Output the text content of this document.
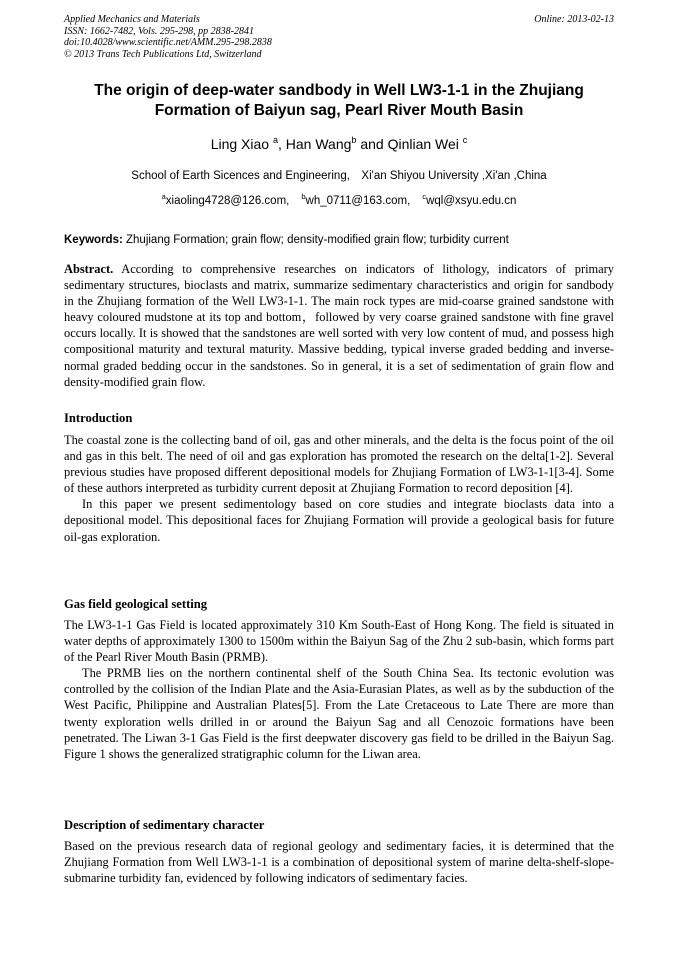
Applied Mechanics and Materials
ISSN: 1662-7482, Vols. 295-298, pp 2838-2841
doi:10.4028/www.scientific.net/AMM.295-298.2838
© 2013 Trans Tech Publications Ltd, Switzerland
Online: 2013-02-13
The origin of deep-water sandbody in Well LW3-1-1 in the Zhujiang
Formation of Baiyun sag, Pearl River Mouth Basin
Ling Xiao $^a$, Han Wang$^b$ and Qinlian Wei $^c$
School of Earth Sicences and Engineering,　Xi'an Shiyou University ,Xi'an ,China
$^a$xiaoling4728@126.com, $^b$wh_0711@163.com, $^c$wql@xsyu.edu.cn
Keywords: Zhujiang Formation; grain flow; density-modified grain flow; turbidity current

Abstract. According to comprehensive researches on indicators of lithology, indicators of primary sedimentary structures, bioclasts and matrix, summarize sedimentary characteristics and origin for sandbody in the Zhujiang formation of the Well LW3-1-1. The main rock types are mid-coarse grained sandstone with heavy coloured mudstone at its top and bottom，followed by very coarse grained sandstone with fine gravel occurs locally. It is showed that the sandstones are well sorted with very low content of mud, and possess high compositional maturity and textural maturity. Massive bedding, typical inverse graded bedding and inverse-normal graded bedding occur in the sandstones. So in general, it is a set of sedimentation of grain flow and density-modified grain flow.

Introduction

The coastal zone is the collecting band of oil, gas and other minerals, and the delta is the focus point of the oil and gas in this belt. The need of oil and gas exploration has promoted the research on the delta[1-2]. Several previous studies have proposed different depositional models for Zhujiang Formation of LW3-1-1[3-4]. Some of these authors interpreted as turbidity current deposit at Zhujiang Formation to record deposition [4].

In this paper we present sedimentology based on core studies and integrate bioclasts data into a depositional model. This depositional faces for Zhujiang Formation will provide a geological basis for future oil-gas exploration.

Gas field geological setting

The LW3-1-1 Gas Field is located approximately 310 Km South-East of Hong Kong. The field is situated in water depths of approximately 1300 to 1500m within the Baiyun Sag of the Zhu 2 sub-basin, which forms part of the Pearl River Mouth Basin (PRMB).

The PRMB lies on the northern continental shelf of the South China Sea. Its tectonic evolution was controlled by the collision of the Indian Plate and the Asia-Eurasian Plates, as well as by the subduction of the West Pacific, Philippine and Australian Plates[5]. From the Late Cretaceous to Late There are more than twenty exploration wells drilled in or around the Baiyun Sag and all Cenozoic formations have been penetrated. The Liwan 3-1 Gas Field is the first deepwater discovery gas field to be drilled in the Baiyun Sag. Figure 1 shows the generalized stratigraphic column for the Liwan area.

Description of sedimentary character

Based on the previous research data of regional geology and sedimentary facies, it is determined that the Zhujiang Formation from Well LW3-1-1 is a combination of depositional system of marine delta-shelf-slope-submarine turbidity fan, evidenced by following indicators of sedimentary facies.
